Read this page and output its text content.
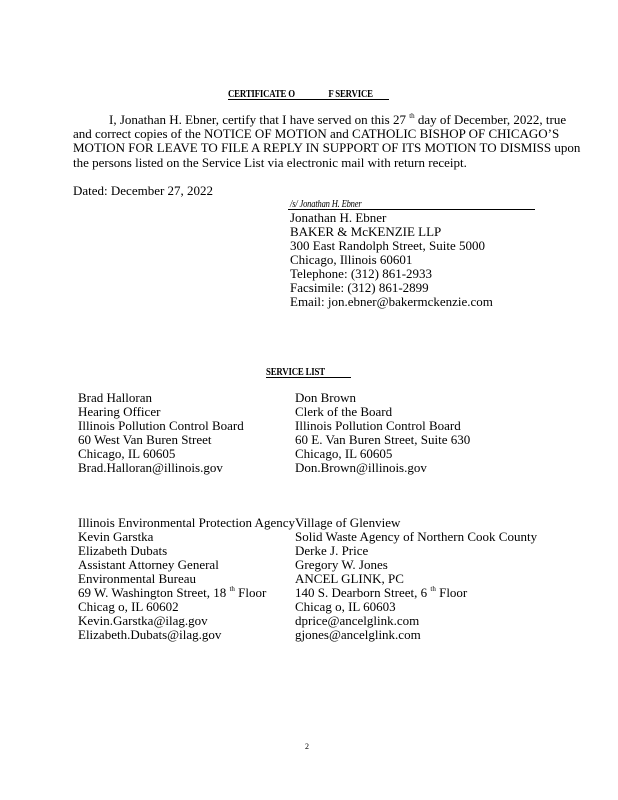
CERTIFICATE O	F SERVICE
I, Jonathan H. Ebner, certify that I have served on this 27 $^{th}$ day of December, 2022, true
and correct copies of the NOTICE OF MOTION and CATHOLIC BISHOP OF CHICAGO’S
MOTION FOR LEAVE TO FILE A REPLY IN SUPPORT OF ITS MOTION TO DISMISS upon
the persons listed on the Service List via electronic mail with return receipt.
Dated: December 27, 2022
/s/ Jonathan H. Ebner
Jonathan H. Ebner
BAKER & McKENZIE LLP
300 East Randolph Street, Suite 5000
Chicago, Illinois 60601
Telephone: (312) 861-2933
Facsimile: (312) 861-2899
Email: jon.ebner@bakermckenzie.com
SERVICE LIST
Brad Halloran
Hearing Officer
Illinois Pollution Control Board
60 West Van Buren Street
Chicago, IL 60605
Brad.Halloran@illinois.gov
Don Brown
Clerk of the Board
Illinois Pollution Control Board
60 E. Van Buren Street, Suite 630
Chicago, IL 60605
Don.Brown@illinois.gov
Illinois Environmental Protection Agency
Kevin Garstka
Elizabeth Dubats
Assistant Attorney General
Environmental Bureau
69 W. Washington Street, 18 $^{th}$ Floor
Chicag o, IL 60602
Kevin.Garstka@ilag.gov
Elizabeth.Dubats@ilag.gov
Village of Glenview
Solid Waste Agency of Northern Cook County
Derke J. Price
Gregory W. Jones
ANCEL GLINK, PC
140 S. Dearborn Street, 6 $^{th}$ Floor
Chicag o, IL 60603
dprice@ancelglink.com
gjones@ancelglink.com
2
